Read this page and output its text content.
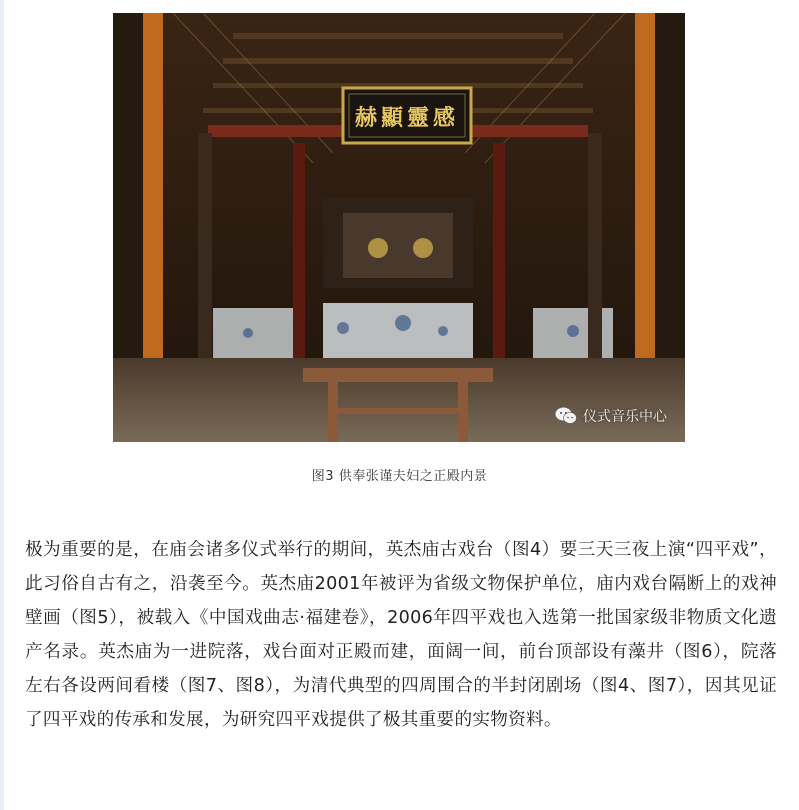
赫顯靈感
仪式音乐中心
图3 供奉张谨夫妇之正殿内景

极为重要的是，在庙会诸多仪式举行的期间，英杰庙古戏台（图4）要三天三夜上演“四平戏”，此习俗自古有之，沿袭至今。英杰庙2001年被评为省级文物保护单位，庙内戏台隔断上的戏神壁画（图5），被载入《中国戏曲志·福建卷》，2006年四平戏也入选第一批国家级非物质文化遗产名录。英杰庙为一进院落，戏台面对正殿而建，面阔一间，前台顶部设有藻井（图6），院落左右各设两间看楼（图7、图8），为清代典型的四周围合的半封闭剧场（图4、图7），因其见证了四平戏的传承和发展，为研究四平戏提供了极其重要的实物资料。
